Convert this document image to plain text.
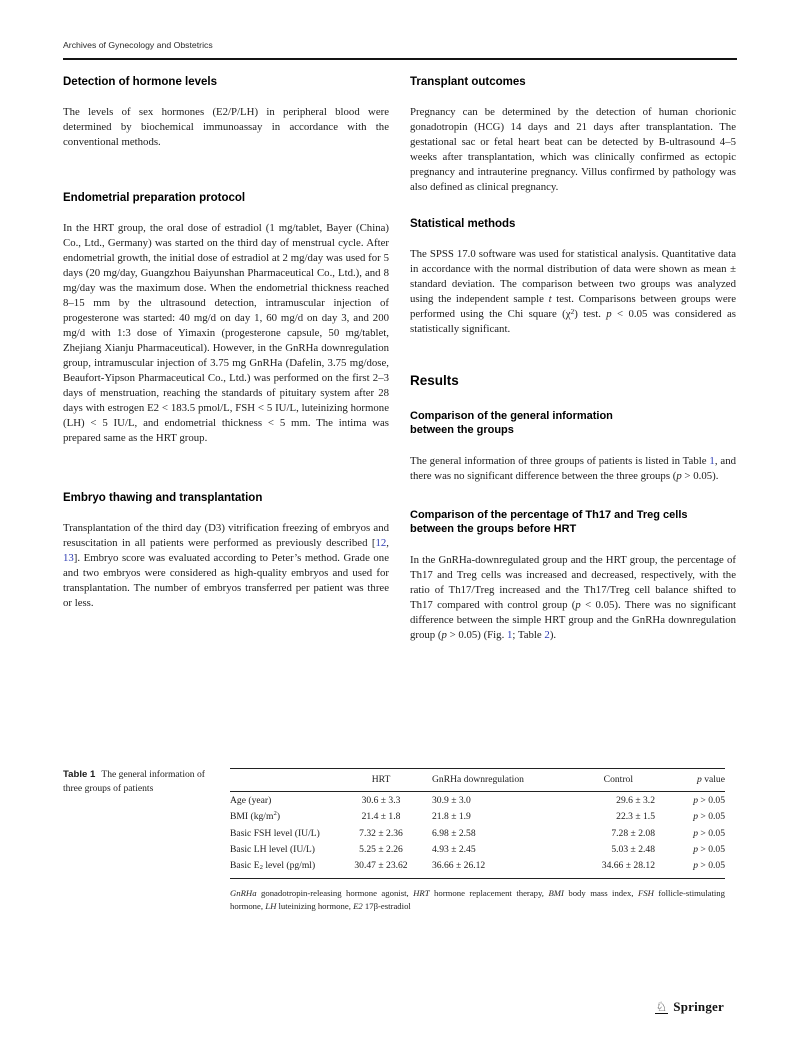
Archives of Gynecology and Obstetrics
Detection of hormone levels

The levels of sex hormones (E2/P/LH) in peripheral blood were determined by biochemical immunoassay in accordance with the conventional methods.

Endometrial preparation protocol

In the HRT group, the oral dose of estradiol (1 mg/tablet, Bayer (China) Co., Ltd., Germany) was started on the third day of menstrual cycle. After endometrial growth, the initial dose of estradiol at 2 mg/day was used for 5 days (20 mg/day, Guangzhou Baiyunshan Pharmaceutical Co., Ltd.), and 8 mg/day was the maximum dose. When the endometrial thickness reached 8–15 mm by the ultrasound detection, intramuscular injection of progesterone was started: 40 mg/d on day 1, 60 mg/d on day 3, and 200 mg/d with 1:3 dose of Yimaxin (progesterone capsule, 50 mg/tablet, Zhejiang Xianju Pharmaceutical). However, in the GnRHa downregulation group, intramuscular injection of 3.75 mg GnRHa (Dafelin, 3.75 mg/dose, Beaufort-Yipson Pharmaceutical Co., Ltd.) was performed on the first 2–3 days of menstruation, reaching the standards of pituitary system after 28 days with estrogen E2 < 183.5 pmol/L, FSH < 5 IU/L, luteinizing hormone (LH) < 5 IU/L, and endometrial thickness < 5 mm. The intima was prepared same as the HRT group.

Embryo thawing and transplantation

Transplantation of the third day (D3) vitrification freezing of embryos and resuscitation in all patients were performed as previously described [12, 13]. Embryo score was evaluated according to Peter’s method. Grade one and two embryos were considered as high-quality embryos and used for transplantation. The number of embryos transferred per patient was three or less.

Transplant outcomes

Pregnancy can be determined by the detection of human chorionic gonadotropin (HCG) 14 days and 21 days after transplantation. The gestational sac or fetal heart beat can be detected by B-ultrasound 4–5 weeks after transplantation, which was clinically confirmed as ectopic pregnancy and intrauterine pregnancy. Villus confirmed by pathology was also defined as clinical pregnancy.

Statistical methods

The SPSS 17.0 software was used for statistical analysis. Quantitative data in accordance with the normal distribution of data were shown as mean ± standard deviation. The comparison between two groups was analyzed using the independent sample t test. Comparisons between groups were performed using the Chi square $(\chi^2)$ test. p < 0.05 was considered as statistically significant.

Results
Comparison of the general information between the groups

The general information of three groups of patients is listed in Table 1, and there was no significant difference between the three groups (p > 0.05).

Comparison of the percentage of Th17 and Treg cells between the groups before HRT

In the GnRHa-downregulated group and the HRT group, the percentage of Th17 and Treg cells was increased and decreased, respectively, with the ratio of Th17/Treg increased and the Th17/Treg cell balance shifted to Th17 compared with control group (p < 0.05). There was no significant difference between the simple HRT group and the GnRHa downregulation group (p > 0.05) (Fig. 1; Table 2).

Table 1 The general information of three groups of patients
	HRT	GnRHa downregulation	Control	p value
Age (year)	30.6 ± 3.3	30.9 ± 3.0	29.6 ± 3.2	p > 0.05
BMI $(kg/m^2)$	21.4 ± 1.8	21.8 ± 1.9	22.3 ± 1.5	p > 0.05
Basic FSH level (IU/L)	7.32 ± 2.36	6.98 ± 2.58	7.28 ± 2.08	p > 0.05
Basic LH level (IU/L)	5.25 ± 2.26	4.93 ± 2.45	5.03 ± 2.48	p > 0.05
Basic E2 level (pg/ml)	30.47 ± 23.62	36.66 ± 26.12	34.66 ± 28.12	p > 0.05
GnRHa gonadotropin-releasing hormone agonist, HRT hormone replacement therapy, BMI body mass index, FSH follicle-stimulating hormone, LH luteinizing hormone, E2 17β-estradiol
♘ Springer
